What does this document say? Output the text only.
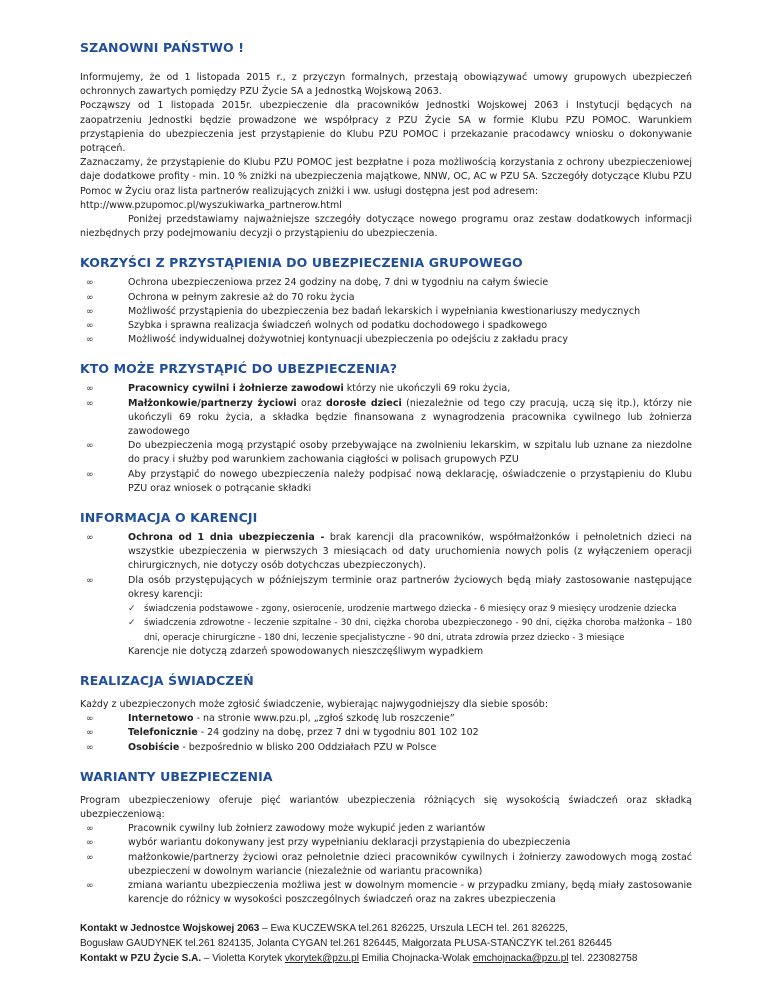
SZANOWNI PAŃSTWO !

Informujemy, że od 1 listopada 2015 r., z przyczyn formalnych, przestają obowiązywać umowy grupowych ubezpieczeń ochronnych zawartych pomiędzy PZU Życie SA a Jednostką Wojskową 2063.

Począwszy od 1 listopada 2015r. ubezpieczenie dla pracowników Jednostki Wojskowej 2063 i Instytucji będących na zaopatrzeniu Jednostki będzie prowadzone we współpracy z PZU Życie SA w formie Klubu PZU POMOC. Warunkiem przystąpienia do ubezpieczenia jest przystąpienie do Klubu PZU POMOC i przekazanie pracodawcy wniosku o dokonywanie potrąceń.

Zaznaczamy, że przystąpienie do Klubu PZU POMOC jest bezpłatne i poza możliwością korzystania z ochrony ubezpieczeniowej daje dodatkowe profity - min. 10 % zniżki na ubezpieczenia majątkowe, NNW, OC, AC w PZU SA. Szczegóły dotyczące Klubu PZU Pomoc w Życiu oraz lista partnerów realizujących zniżki i ww. usługi dostępna jest pod adresem:

http://www.pzupomoc.pl/wyszukiwarka_partnerow.html

Poniżej przedstawiamy najważniejsze szczegóły dotyczące nowego programu oraz zestaw dodatkowych informacji niezbędnych przy podejmowaniu decyzji o przystąpieniu do ubezpieczenia.

KORZYŚCI Z PRZYSTĄPIENIA DO UBEZPIECZENIA GRUPOWEGO
∞	Ochrona ubezpieczeniowa przez 24 godziny na dobę, 7 dni w tygodniu na całym świecie
∞	Ochrona w pełnym zakresie aż do 70 roku życia
∞	Możliwość przystąpienia do ubezpieczenia bez badań lekarskich i wypełniania kwestionariuszy medycznych
∞	Szybka i sprawna realizacja świadczeń wolnych od podatku dochodowego i spadkowego
∞	Możliwość indywidualnej dożywotniej kontynuacji ubezpieczenia po odejściu z zakładu pracy
KTO MOŻE PRZYSTĄPIĆ DO UBEZPIECZENIA?
∞	Pracownicy cywilni i żołnierze zawodowi którzy nie ukończyli 69 roku życia,
∞	Małżonkowie/partnerzy życiowi oraz dorosłe dzieci (niezależnie od tego czy pracują, uczą się itp.), którzy nie ukończyli 69 roku życia, a składka będzie finansowana z wynagrodzenia pracownika cywilnego lub żołnierza zawodowego
∞	Do ubezpieczenia mogą przystąpić osoby przebywające na zwolnieniu lekarskim, w szpitalu lub uznane za niezdolne do pracy i służby pod warunkiem zachowania ciągłości w polisach grupowych PZU
∞	Aby przystąpić do nowego ubezpieczenia należy podpisać nową deklarację, oświadczenie o przystąpieniu do Klubu PZU oraz wniosek o potrącanie składki
INFORMACJA O KARENCJI
∞	Ochrona od 1 dnia ubezpieczenia - brak karencji dla pracowników, współmałżonków i pełnoletnich dzieci na wszystkie ubezpieczenia w pierwszych 3 miesiącach od daty uruchomienia nowych polis (z wyłączeniem operacji chirurgicznych, nie dotyczy osób dotychczas ubezpieczonych).
∞	Dla osób przystępujących w późniejszym terminie oraz partnerów życiowych będą miały zastosowanie następujące okresy karencji:
✓ świadczenia podstawowe - zgony, osierocenie, urodzenie martwego dziecka - 6 miesięcy oraz 9 miesięcy urodzenie dziecka
✓ świadczenia zdrowotne - leczenie szpitalne - 30 dni, ciężka choroba ubezpieczonego - 90 dni, ciężka choroba małżonka – 180 dni, operacje chirurgiczne - 180 dni, leczenie specjalistyczne - 90 dni, utrata zdrowia przez dziecko - 3 miesiące
Karencje nie dotyczą zdarzeń spowodowanych nieszczęśliwym wypadkiem
REALIZACJA ŚWIADCZEŃ

Każdy z ubezpieczonych może zgłosić świadczenie, wybierając najwygodniejszy dla siebie sposób:

∞	Internetowo - na stronie www.pzu.pl, „zgłoś szkodę lub roszczenie”
∞	Telefonicznie - 24 godziny na dobę, przez 7 dni w tygodniu 801 102 102
∞	Osobiście - bezpośrednio w blisko 200 Oddziałach PZU w Polsce
WARIANTY UBEZPIECZENIA

Program ubezpieczeniowy oferuje pięć wariantów ubezpieczenia różniących się wysokością świadczeń oraz składką ubezpieczeniową:

∞	Pracownik cywilny lub żołnierz zawodowy może wykupić jeden z wariantów
∞	wybór wariantu dokonywany jest przy wypełnianiu deklaracji przystąpienia do ubezpieczenia
∞	małżonkowie/partnerzy życiowi oraz pełnoletnie dzieci pracowników cywilnych i żołnierzy zawodowych mogą zostać ubezpieczeni w dowolnym wariancie (niezależnie od wariantu pracownika)
∞	zmiana wariantu ubezpieczenia możliwa jest w dowolnym momencie - w przypadku zmiany, będą miały zastosowanie karencje do różnicy w wysokości poszczególnych świadczeń oraz na zakres ubezpieczenia
Kontakt w Jednostce Wojskowej 2063 – Ewa KUCZEWSKA tel.261 826225, Urszula LECH tel. 261 826225,
Bogusław GAUDYNEK tel.261 824135, Jolanta CYGAN tel.261 826445, Małgorzata PŁUSA-STAŃCZYK tel.261 826445
Kontakt w PZU Życie S.A. – Violetta Korytek vkorytek@pzu.pl Emilia Chojnacka-Wolak emchojnacka@pzu.pl tel. 223082758
